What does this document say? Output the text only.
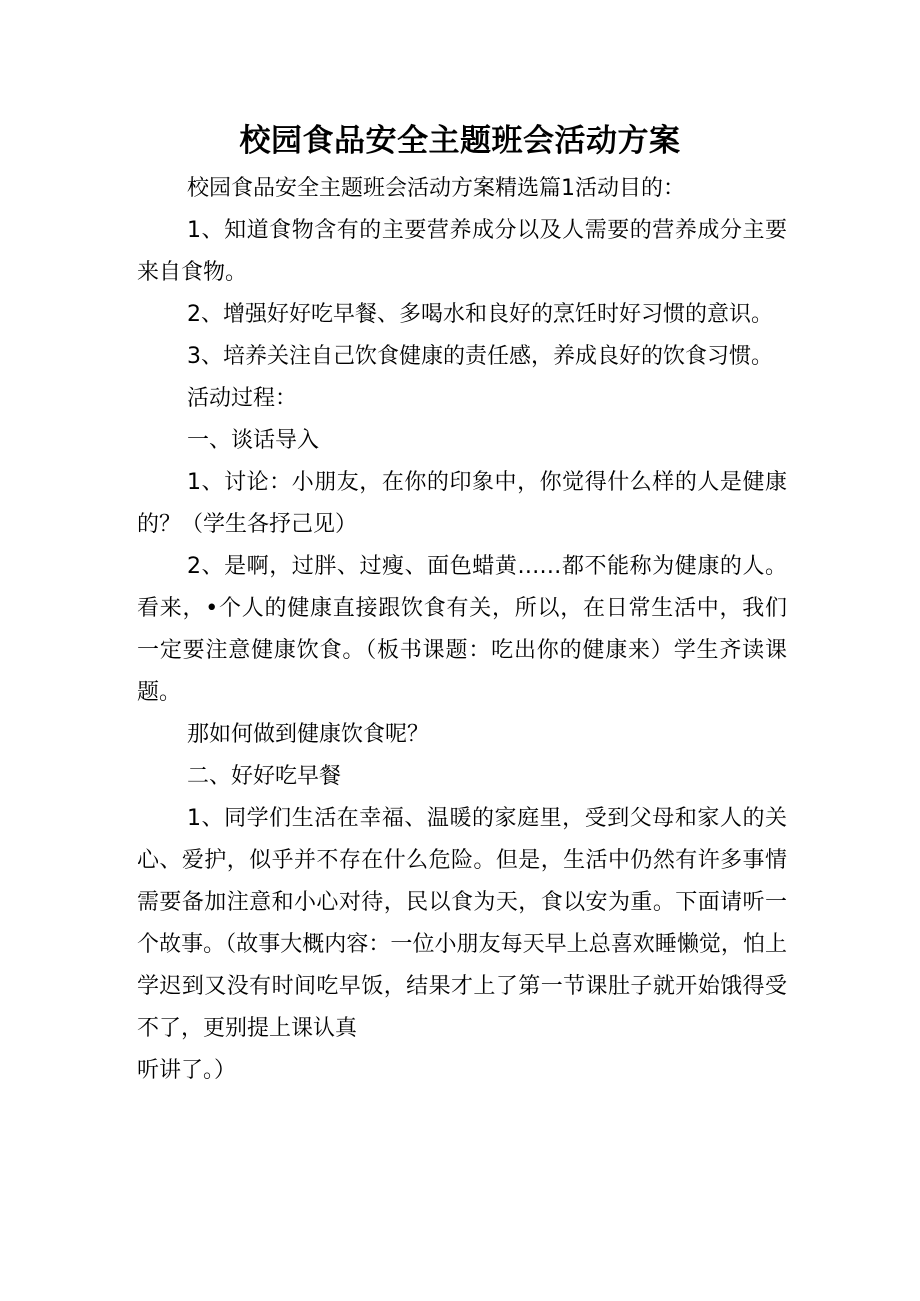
校园食品安全主题班会活动方案

校园食品安全主题班会活动方案精选篇1活动目的：

1、知道食物含有的主要营养成分以及人需要的营养成分主要来自食物。

2、增强好好吃早餐、多喝水和良好的烹饪时好习惯的意识。

3、培养关注自己饮食健康的责任感，养成良好的饮食习惯。

活动过程：

一、谈话导入

1、讨论：小朋友，在你的印象中，你觉得什么样的人是健康的？（学生各抒己见）

2、是啊，过胖、过瘦、面色蜡黄……都不能称为健康的人。看来，•个人的健康直接跟饮食有关，所以，在日常生活中，我们一定要注意健康饮食。（板书课题：吃出你的健康来）学生齐读课题。

那如何做到健康饮食呢？

二、好好吃早餐

1、同学们生活在幸福、温暖的家庭里，受到父母和家人的关心、爱护，似乎并不存在什么危险。但是，生活中仍然有许多事情需要备加注意和小心对待，民以食为天，食以安为重。下面请听一个故事。（故事大概内容：一位小朋友每天早上总喜欢睡懒觉，怕上学迟到又没有时间吃早饭，结果才上了第一节课肚子就开始饿得受不了，更别提上课认真

听讲了。）
